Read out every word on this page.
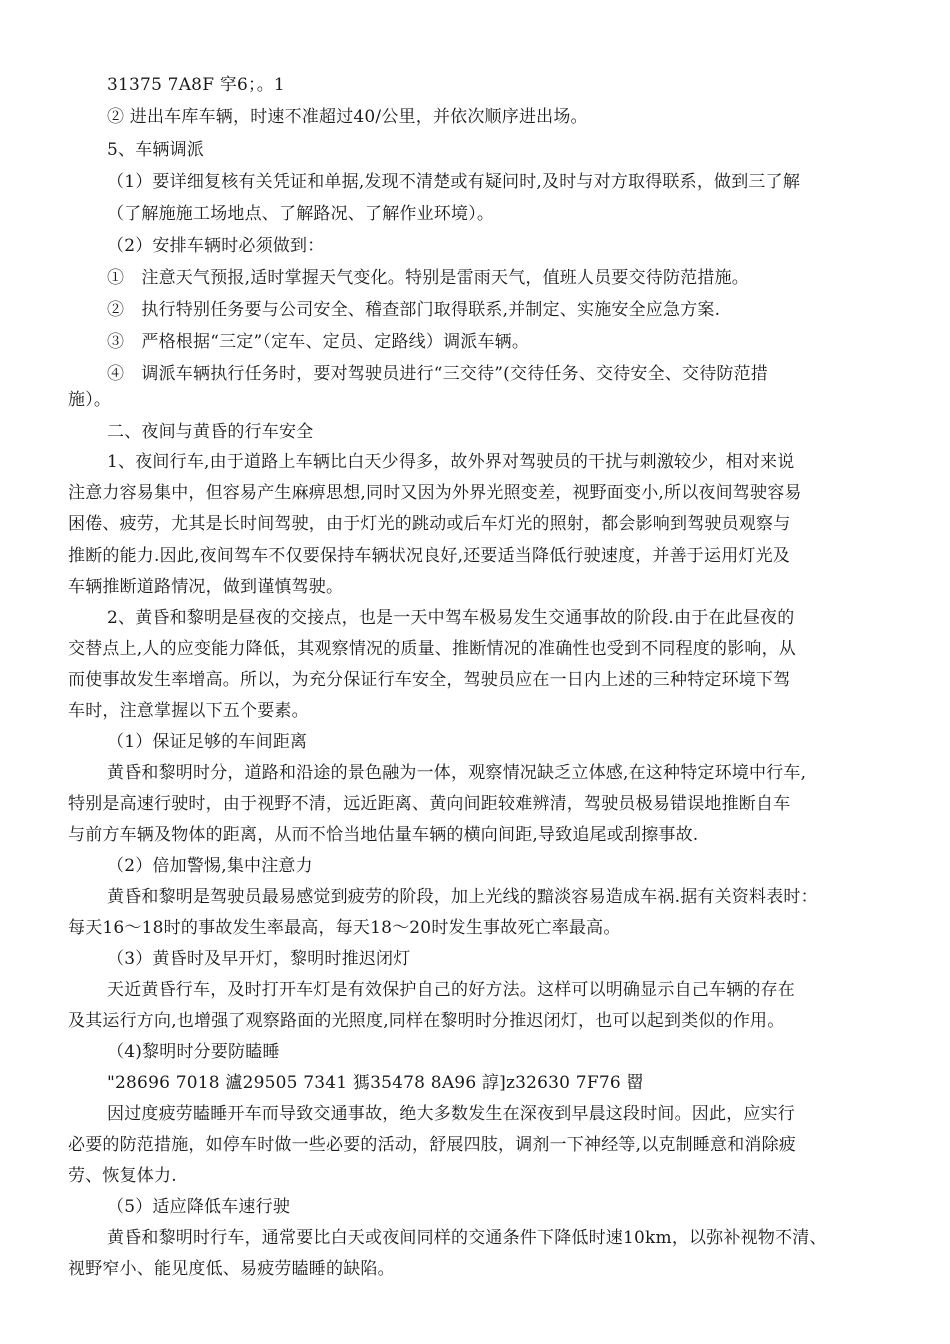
31375 7A8F 穻6；。1
② 进出车库车辆，时速不准超过40/公里，并依次顺序进出场。
5、车辆调派
（1）要详细复核有关凭证和单据,发现不清楚或有疑问时,及时与对方取得联系，做到三了解
（了解施施工场地点、了解路况、了解作业环境）。
（2）安排车辆时必须做到：
①　注意天气预报,适时掌握天气变化。特别是雷雨天气，值班人员要交待防范措施。
②　执行特别任务要与公司安全、稽查部门取得联系,并制定、实施安全应急方案.
③　严格根据“三定”（定车、定员、定路线）调派车辆。
④　调派车辆执行任务时，要对驾驶员进行“三交待”(交待任务、交待安全、交待防范措
施）。
二、夜间与黄昏的行车安全
1、夜间行车,由于道路上车辆比白天少得多，故外界对驾驶员的干扰与刺激较少，相对来说
注意力容易集中，但容易产生麻痹思想,同时又因为外界光照变差，视野面变小,所以夜间驾驶容易
困倦、疲劳，尤其是长时间驾驶，由于灯光的跳动或后车灯光的照射，都会影响到驾驶员观察与
推断的能力.因此,夜间驾车不仅要保持车辆状况良好,还要适当降低行驶速度，并善于运用灯光及
车辆推断道路情况，做到谨慎驾驶。
2、黄昏和黎明是昼夜的交接点，也是一天中驾车极易发生交通事故的阶段.由于在此昼夜的
交替点上,人的应变能力降低，其观察情况的质量、推断情况的准确性也受到不同程度的影响，从
而使事故发生率增高。所以，为充分保证行车安全，驾驶员应在一日内上述的三种特定环境下驾
车时，注意掌握以下五个要素。
（1）保证足够的车间距离
黄昏和黎明时分，道路和沿途的景色融为一体，观察情况缺乏立体感,在这种特定环境中行车,
特别是高速行驶时，由于视野不清，远近距离、黄向间距较难辨清，驾驶员极易错误地推断自车
与前方车辆及物体的距离，从而不恰当地估量车辆的横向间距,导致追尾或刮擦事故.
（2）倍加警惕,集中注意力
黄昏和黎明是驾驶员最易感觉到疲劳的阶段，加上光线的黯淡容易造成车祸.据有关资料表时：
每天16～18时的事故发生率最高，每天18～20时发生事故死亡率最高。
（3）黄昏时及早开灯，黎明时推迟闭灯
天近黄昏行车，及时打开车灯是有效保护自己的好方法。这样可以明确显示自己车辆的存在
及其运行方向,也增强了观察路面的光照度,同样在黎明时分推迟闭灯，也可以起到类似的作用。
（4)黎明时分要防瞌睡
"28696 7018 瀘29505 7341 獁35478 8A96 諄]z32630 7F76 罶
因过度疲劳瞌睡开车而导致交通事故，绝大多数发生在深夜到早晨这段时间。因此，应实行
必要的防范措施，如停车时做一些必要的活动，舒展四肢，调剂一下神经等,以克制睡意和消除疲
劳、恢复体力.
（5）适应降低车速行驶
黄昏和黎明时行车，通常要比白天或夜间同样的交通条件下降低时速10km，以弥补视物不清、
视野窄小、能见度低、易疲劳瞌睡的缺陷。
